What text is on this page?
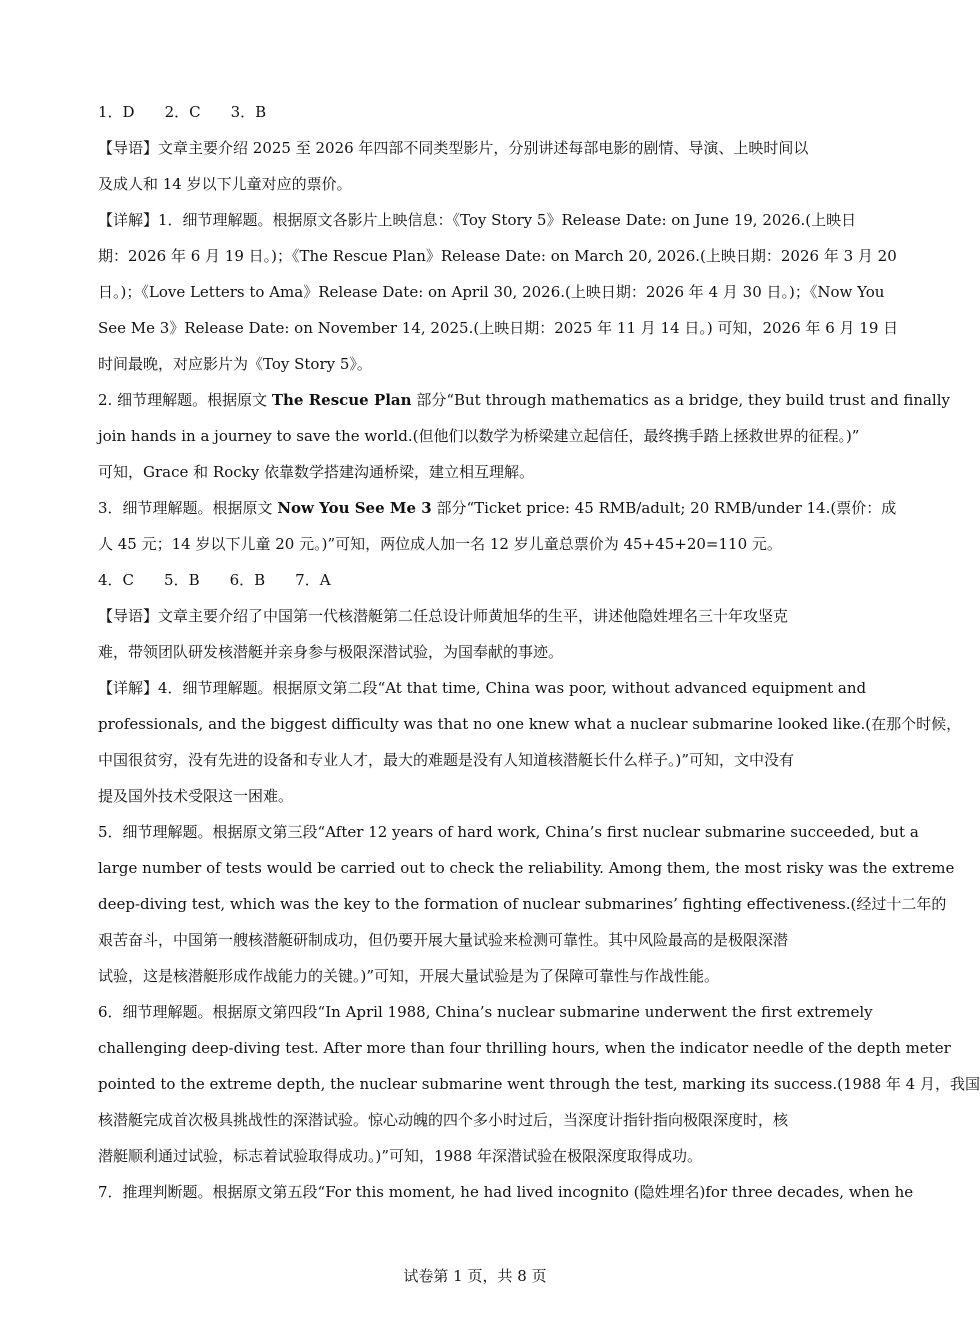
1．D　　2．C　　3．B
【导语】文章主要介绍 2025 至 2026 年四部不同类型影片，分别讲述每部电影的剧情、导演、上映时间以
及成人和 14 岁以下儿童对应的票价。
【详解】1．细节理解题。根据原文各影片上映信息：《Toy Story 5》Release Date: on June 19, 2026.(上映日
期：2026 年 6 月 19 日。)；《The Rescue Plan》Release Date: on March 20, 2026.(上映日期：2026 年 3 月 20
日。)；《Love Letters to Ama》Release Date: on April 30, 2026.(上映日期：2026 年 4 月 30 日。)；《Now You
See Me 3》Release Date: on November 14, 2025.(上映日期：2025 年 11 月 14 日。) 可知，2026 年 6 月 19 日
时间最晚，对应影片为《Toy Story 5》。
2. 细节理解题。根据原文 The Rescue Plan 部分“But through mathematics as a bridge, they build trust and finally
join hands in a journey to save the world.(但他们以数学为桥梁建立起信任，最终携手踏上拯救世界的征程。)”
可知，Grace 和 Rocky 依靠数学搭建沟通桥梁，建立相互理解。
3．细节理解题。根据原文 Now You See Me 3 部分“Ticket price: 45 RMB/adult; 20 RMB/under 14.(票价：成
人 45 元；14 岁以下儿童 20 元。)”可知，两位成人加一名 12 岁儿童总票价为 45+45+20=110 元。
4．C　　5．B　　6．B　　7．A
【导语】文章主要介绍了中国第一代核潜艇第二任总设计师黄旭华的生平，讲述他隐姓埋名三十年攻坚克
难，带领团队研发核潜艇并亲身参与极限深潜试验，为国奉献的事迹。
【详解】4．细节理解题。根据原文第二段“At that time, China was poor, without advanced equipment and
professionals, and the biggest difficulty was that no one knew what a nuclear submarine looked like.(在那个时候，
中国很贫穷，没有先进的设备和专业人才，最大的难题是没有人知道核潜艇长什么样子。)”可知，文中没有
提及国外技术受限这一困难。
5．细节理解题。根据原文第三段“After 12 years of hard work, China’s first nuclear submarine succeeded, but a
large number of tests would be carried out to check the reliability. Among them, the most risky was the extreme
deep-diving test, which was the key to the formation of nuclear submarines’ fighting effectiveness.(经过十二年的
艰苦奋斗，中国第一艘核潜艇研制成功，但仍要开展大量试验来检测可靠性。其中风险最高的是极限深潜
试验，这是核潜艇形成作战能力的关键。)”可知，开展大量试验是为了保障可靠性与作战性能。
6．细节理解题。根据原文第四段“In April 1988, China’s nuclear submarine underwent the first extremely
challenging deep-diving test. After more than four thrilling hours, when the indicator needle of the depth meter
pointed to the extreme depth, the nuclear submarine went through the test, marking its success.(1988 年 4 月，我国
核潜艇完成首次极具挑战性的深潜试验。惊心动魄的四个多小时过后，当深度计指针指向极限深度时，核
潜艇顺利通过试验，标志着试验取得成功。)”可知，1988 年深潜试验在极限深度取得成功。
7．推理判断题。根据原文第五段“For this moment, he had lived incognito (隐姓埋名)for three decades, when he
试卷第 1 页，共 8 页
